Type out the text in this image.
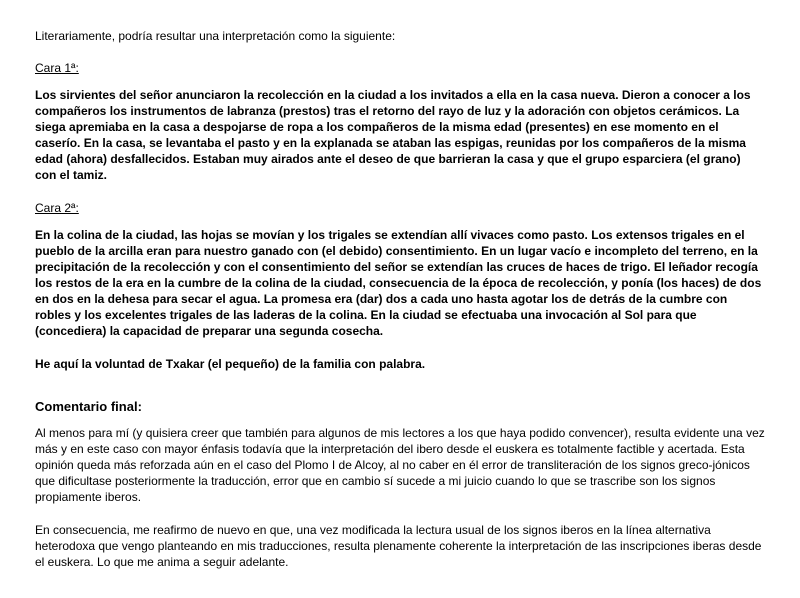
Literariamente, podría resultar una interpretación como la siguiente:

Cara 1ª:

Los sirvientes del señor anunciaron la recolección en la ciudad a los invitados a ella en la casa nueva. Dieron a conocer a los compañeros los instrumentos de labranza (prestos) tras el retorno del rayo de luz y la adoración con objetos cerámicos. La siega apremiaba en la casa a despojarse de ropa a los compañeros de la misma edad (presentes) en ese momento en el caserío. En la casa, se levantaba el pasto y en la explanada se ataban las espigas, reunidas por los compañeros de la misma edad (ahora) desfallecidos. Estaban muy airados ante el deseo de que barrieran la casa y que el grupo esparciera (el grano) con el tamiz.

Cara 2ª:

En la colina de la ciudad, las hojas se movían y los trigales se extendían allí vivaces como pasto. Los extensos trigales en el pueblo de la arcilla eran para nuestro ganado con (el debido) consentimiento. En un lugar vacío e incompleto del terreno, en la precipitación de la recolección y con el consentimiento del señor se extendían las cruces de haces de trigo. El leñador recogía los restos de la era en la cumbre de la colina de la ciudad, consecuencia de la época de recolección, y ponía (los haces) de dos en dos en la dehesa para secar el agua. La promesa era (dar) dos a cada uno hasta agotar los de detrás de la cumbre con robles y los excelentes trigales de las laderas de la colina. En la ciudad se efectuaba una invocación al Sol para que (concediera) la capacidad de preparar una segunda cosecha.

He aquí la voluntad de Txakar (el pequeño) de la familia con palabra.

Comentario final:

Al menos para mí (y quisiera creer que también para algunos de mis lectores a los que haya podido convencer), resulta evidente una vez más y en este caso con mayor énfasis todavía que la interpretación del ibero desde el euskera es totalmente factible y acertada. Esta opinión queda más reforzada aún en el caso del Plomo I de Alcoy, al no caber en él error de transliteración de los signos greco-jónicos que dificultase posteriormente la traducción, error que en cambio sí sucede a mi juicio cuando lo que se trascribe son los signos propiamente iberos.

En consecuencia, me reafirmo de nuevo en que, una vez modificada la lectura usual de los signos iberos en la línea alternativa heterodoxa que vengo planteando en mis traducciones, resulta plenamente coherente la interpretación de las inscripciones iberas desde el euskera. Lo que me anima a seguir adelante.
